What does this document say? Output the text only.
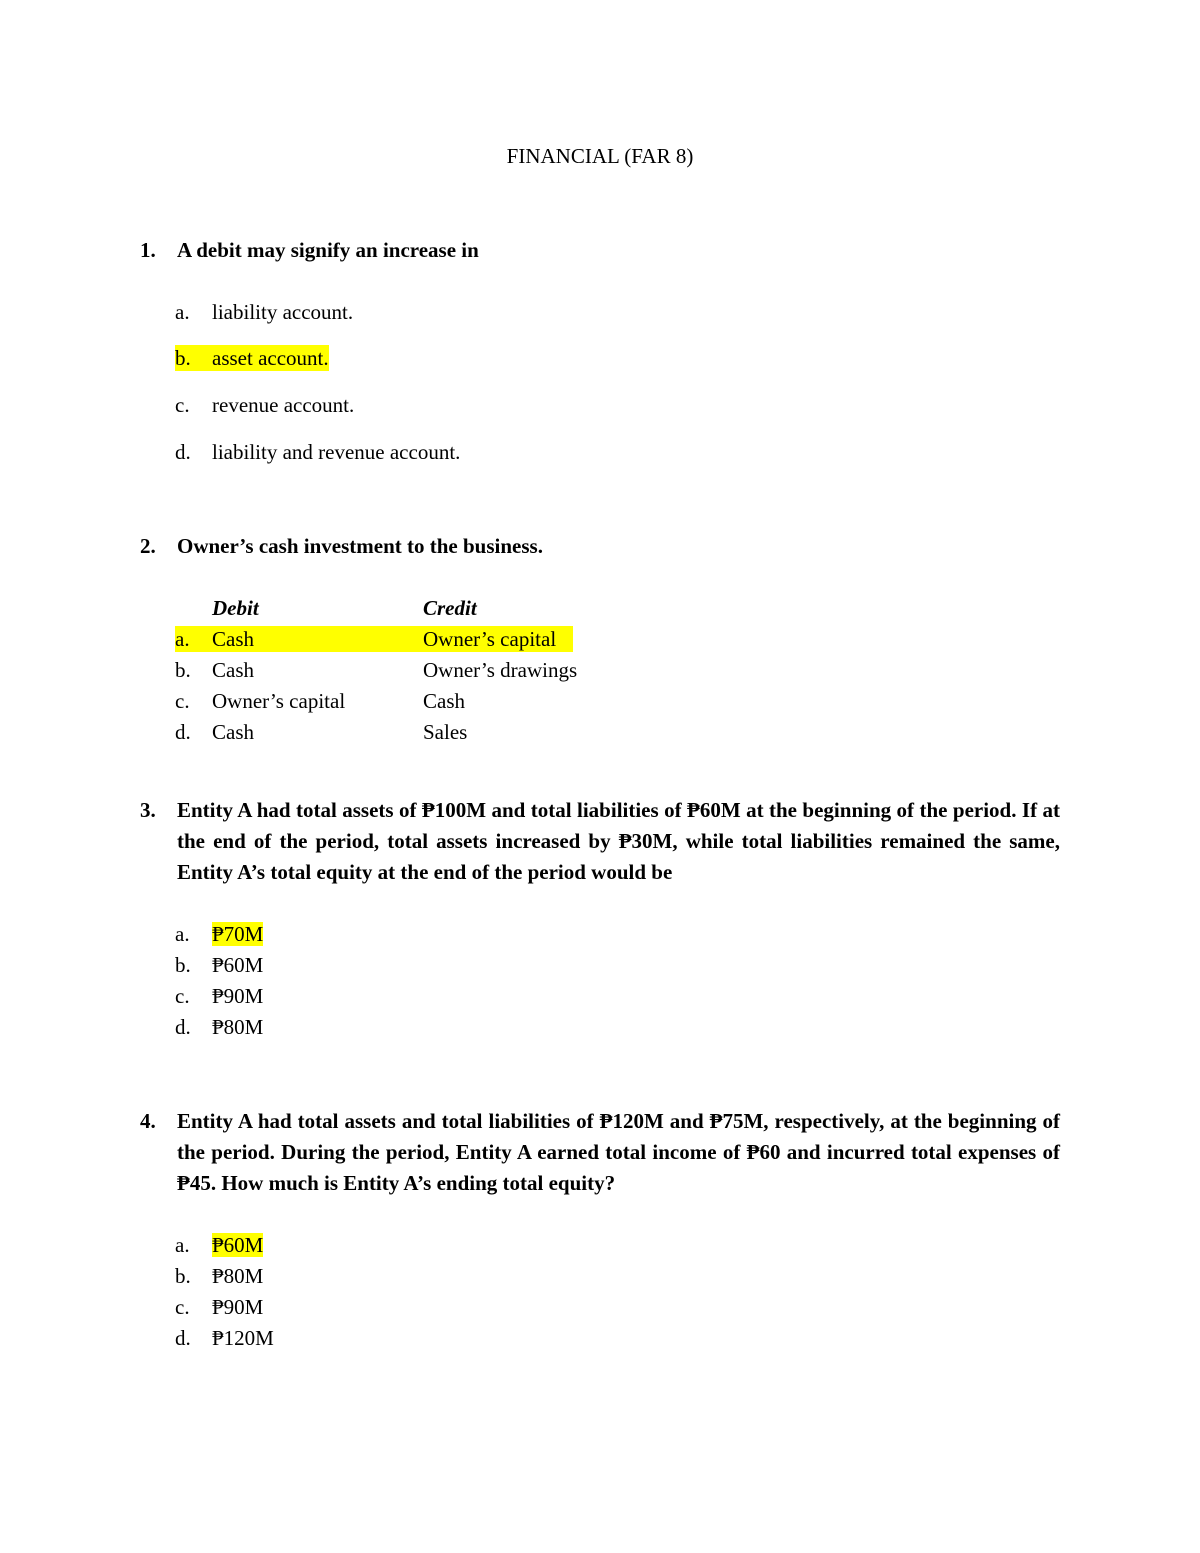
FINANCIAL (FAR 8)
1. A debit may signify an increase in
a. liability account.
b. asset account.
c. revenue account.
d. liability and revenue account.
2. Owner’s cash investment to the business.
Debit	Credit
a. Cash	Owner’s capital
b. Cash	Owner’s drawings
c. Owner’s capital	Cash
d. Cash	Sales
3. Entity A had total assets of ₱100M and total liabilities of ₱60M at the beginning of the period. If at the end of the period, total assets increased by ₱30M, while total liabilities remained the same, Entity A’s total equity at the end of the period would be
a. ₱70M
b. ₱60M
c. ₱90M
d. ₱80M
4. Entity A had total assets and total liabilities of ₱120M and ₱75M, respectively, at the beginning of the period. During the period, Entity A earned total income of ₱60 and incurred total expenses of ₱45. How much is Entity A’s ending total equity?
a. ₱60M
b. ₱80M
c. ₱90M
d. ₱120M
